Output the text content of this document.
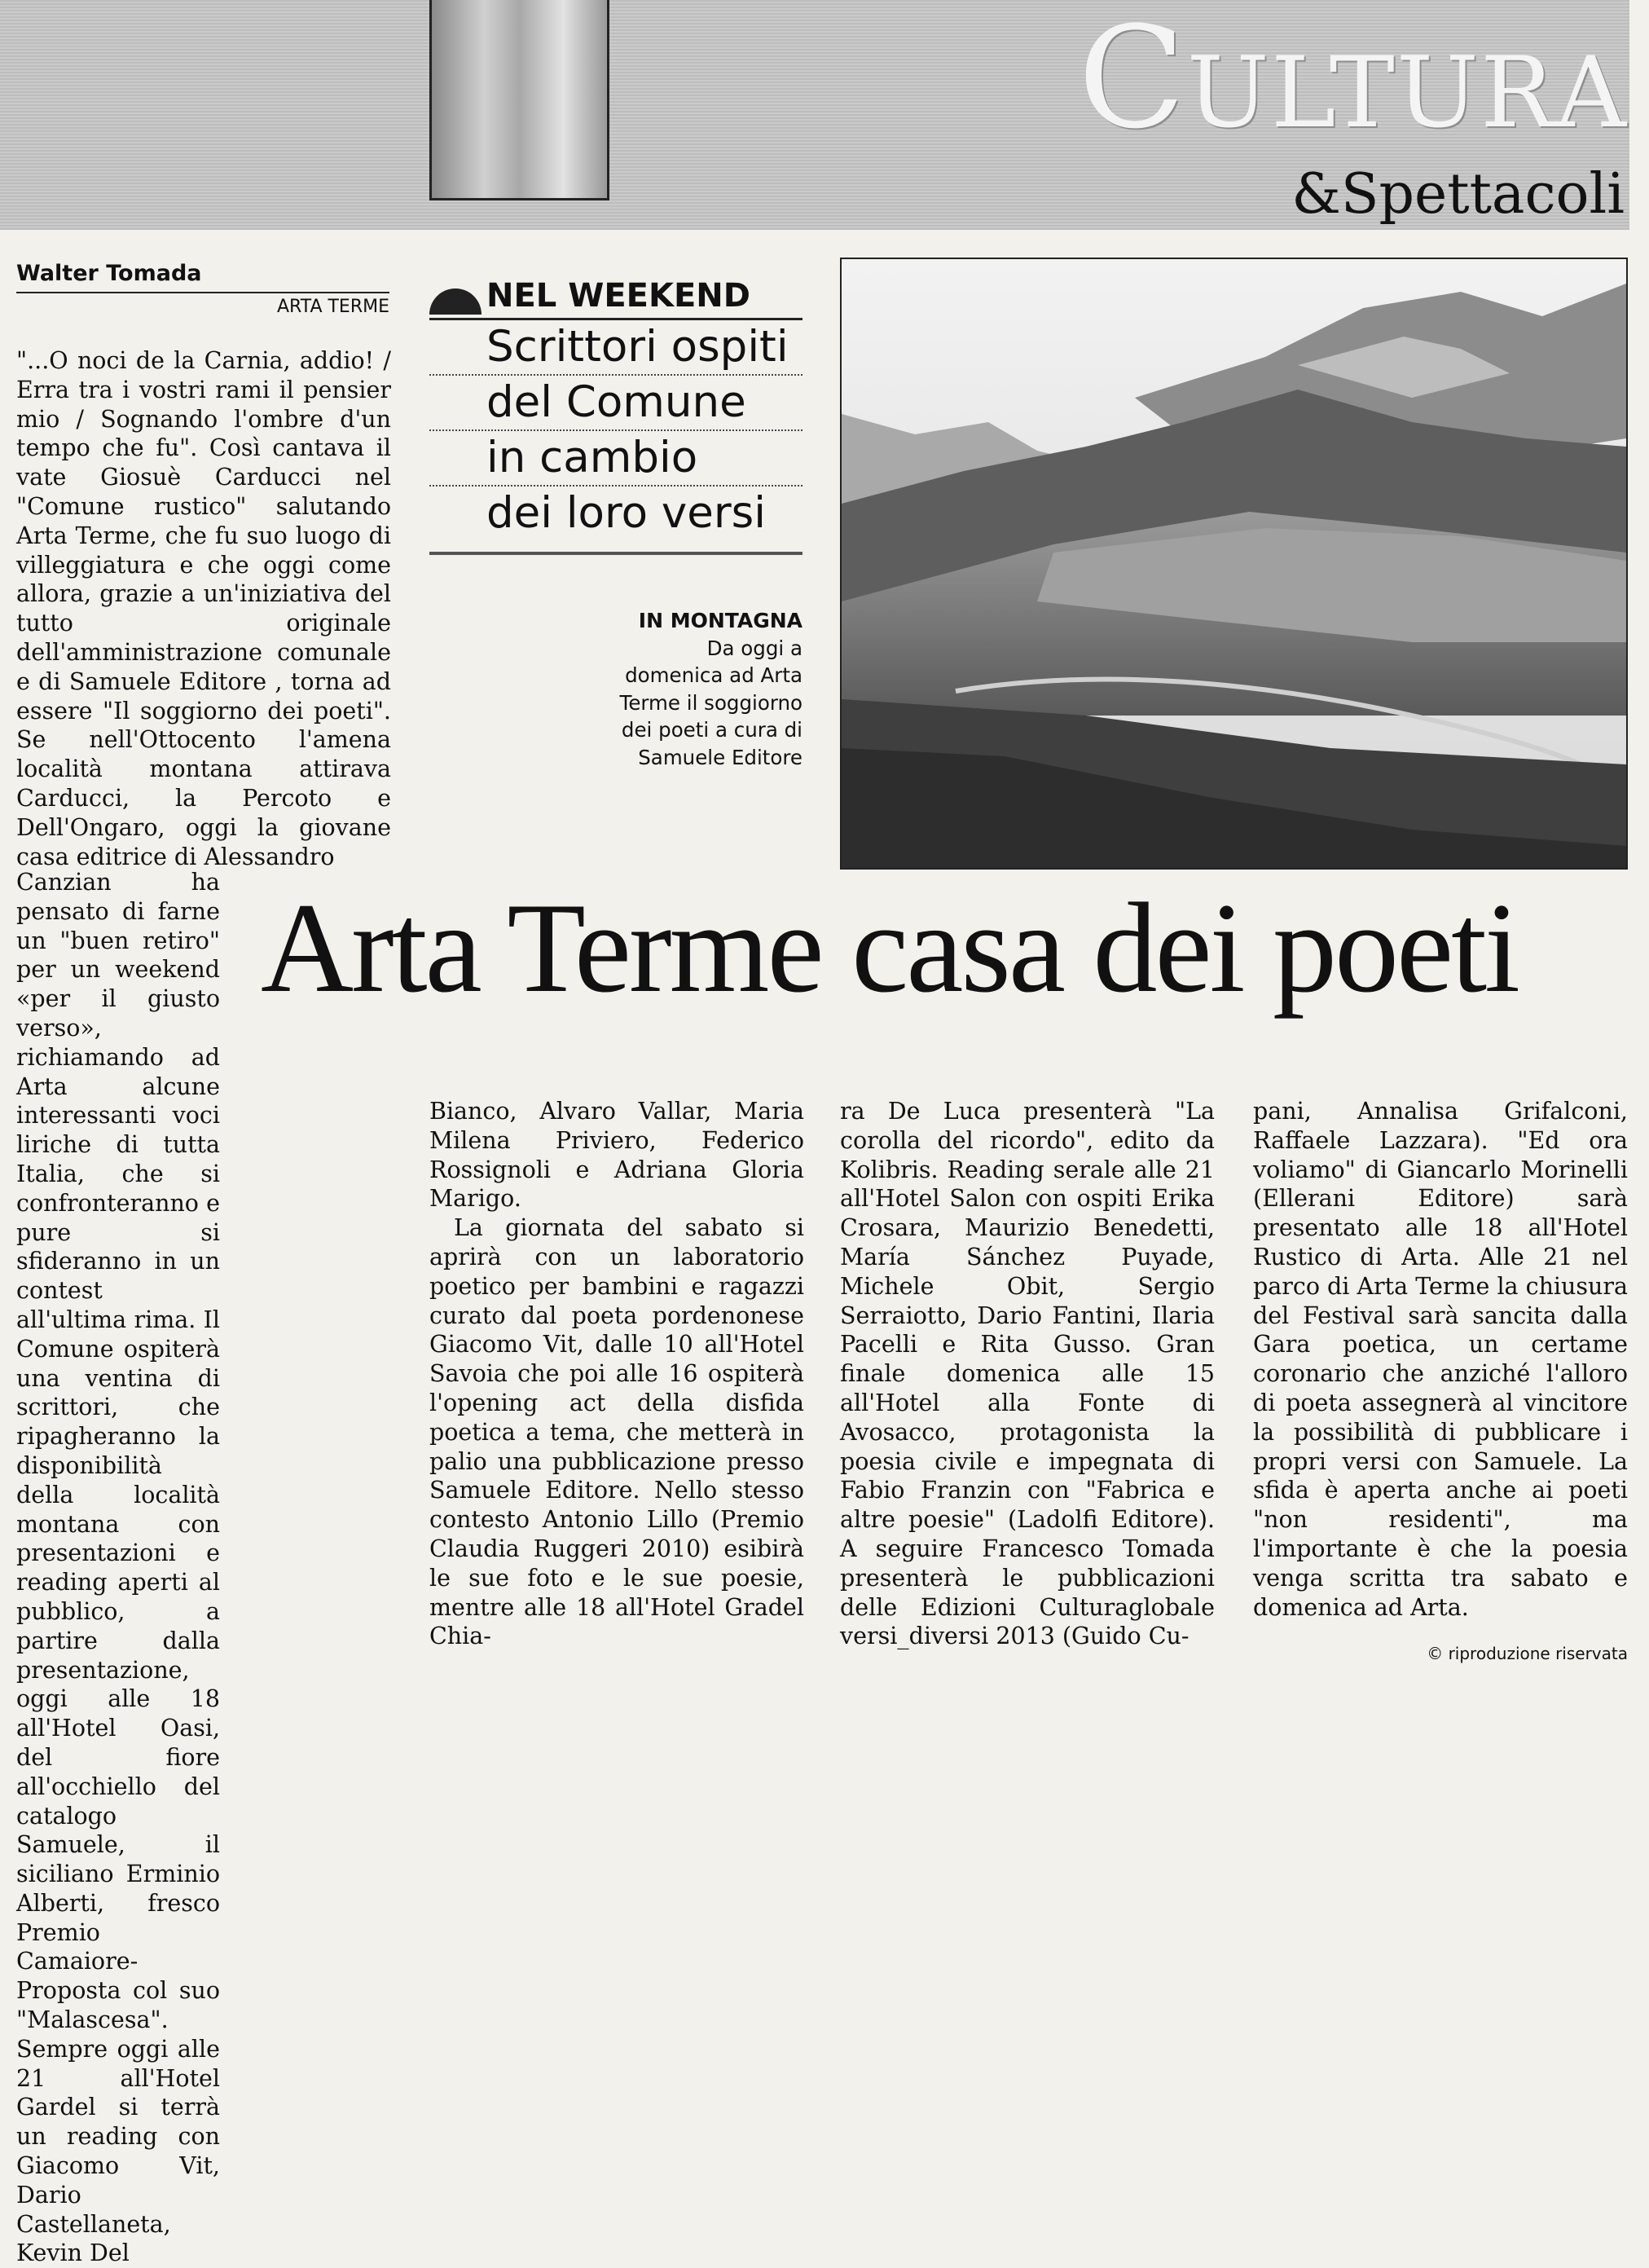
Cultura
&Spettacoli
Walter Tomada
ARTA TERME
"...O noci de la Carnia, addio! / Erra tra i vostri rami il pensier mio / Sognando l'ombre d'un tempo che fu". Così cantava il vate Giosuè Carducci nel "Comune rustico" salutando Arta Terme, che fu suo luogo di villeggiatura e che oggi come allora, grazie a un'iniziativa del tutto originale dell'amministrazione comunale e di Samuele Editore , torna ad essere "Il soggiorno dei poeti". Se nell'Ottocento l'amena località montana attirava Carducci, la Percoto e Dell'Ongaro, oggi la giovane casa editrice di Alessandro
Canzian ha pensato di farne un "buen retiro" per un weekend «per il giusto verso», richiamando ad Arta alcune interessanti voci liriche di tutta Italia, che si confronteranno e pure si sfideranno in un contest all'ultima rima. Il Comune ospiterà una ventina di scrittori, che ripagheranno la disponibilità della località montana con presentazioni e reading aperti al pubblico, a partire dalla presentazione, oggi alle 18 all'Hotel Oasi, del fiore all'occhiello del catalogo Samuele, il siciliano Erminio Alberti, fresco Premio Camaiore-Proposta col suo "Malascesa". Sempre oggi alle 21 all'Hotel Gardel si terrà un reading con Giacomo Vit, Dario Castellaneta, Kevin Del
NEL WEEKEND
Scrittori ospiti
del Comune
in cambio
dei loro versi
IN MONTAGNA
Da oggi a domenica ad Arta Terme il soggiorno dei poeti a cura di Samuele Editore
Arta Terme casa dei poeti
Bianco, Alvaro Vallar, Maria Milena Priviero, Federico Rossignoli e Adriana Gloria Marigo.
La giornata del sabato si aprirà con un laboratorio poetico per bambini e ragazzi curato dal poeta pordenonese Giacomo Vit, dalle 10 all'Hotel Savoia che poi alle 16 ospiterà l'opening act della disfida poetica a tema, che metterà in palio una pubblicazione presso Samuele Editore. Nello stesso contesto Antonio Lillo (Premio Claudia Ruggeri 2010) esibirà le sue foto e le sue poesie, mentre alle 18 all'Hotel Gradel Chia-
ra De Luca presenterà "La corolla del ricordo", edito da Kolibris. Reading serale alle 21 all'Hotel Salon con ospiti Erika Crosara, Maurizio Benedetti, María Sánchez Puyade, Michele Obit, Sergio Serraiotto, Dario Fantini, Ilaria Pacelli e Rita Gusso. Gran finale domenica alle 15 all'Hotel alla Fonte di Avosacco, protagonista la poesia civile e impegnata di Fabio Franzin con "Fabrica e altre poesie" (Ladolfi Editore). A seguire Francesco Tomada presenterà le pubblicazioni delle Edizioni Culturaglobale versi_diversi 2013 (Guido Cu-
pani, Annalisa Grifalconi, Raffaele Lazzara). "Ed ora voliamo" di Giancarlo Morinelli (Ellerani Editore) sarà presentato alle 18 all'Hotel Rustico di Arta. Alle 21 nel parco di Arta Terme la chiusura del Festival sarà sancita dalla Gara poetica, un certame coronario che anziché l'alloro di poeta assegnerà al vincitore la possibilità di pubblicare i propri versi con Samuele. La sfida è aperta anche ai poeti "non residenti", ma l'importante è che la poesia venga scritta tra sabato e domenica ad Arta.
© riproduzione riservata
